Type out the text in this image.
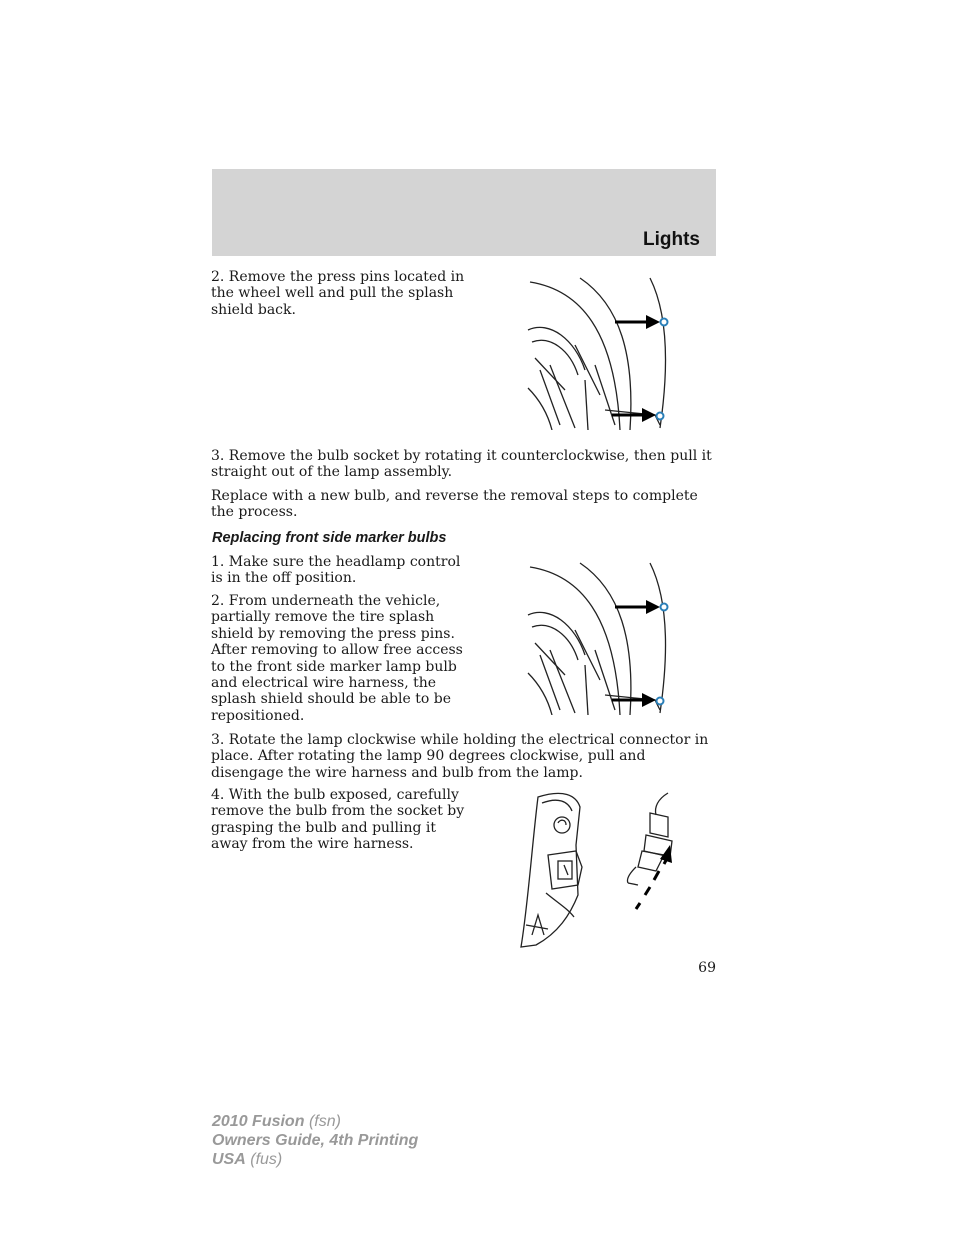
Lights

2. Remove the press pins located in the wheel well and pull the splash shield back.

3. Remove the bulb socket by rotating it counterclockwise, then pull it straight out of the lamp assembly.

Replace with a new bulb, and reverse the removal steps to complete the process.

Replacing front side marker bulbs

1. Make sure the headlamp control is in the off position.

2. From underneath the vehicle, partially remove the tire splash shield by removing the press pins. After removing to allow free access to the front side marker lamp bulb and electrical wire harness, the splash shield should be able to be repositioned.

3. Rotate the lamp clockwise while holding the electrical connector in place. After rotating the lamp 90 degrees clockwise, pull and disengage the wire harness and bulb from the lamp.

4. With the bulb exposed, carefully remove the bulb from the socket by grasping the bulb and pulling it away from the wire harness.

69
2010 Fusion (fsn)
Owners Guide, 4th Printing
USA (fus)
